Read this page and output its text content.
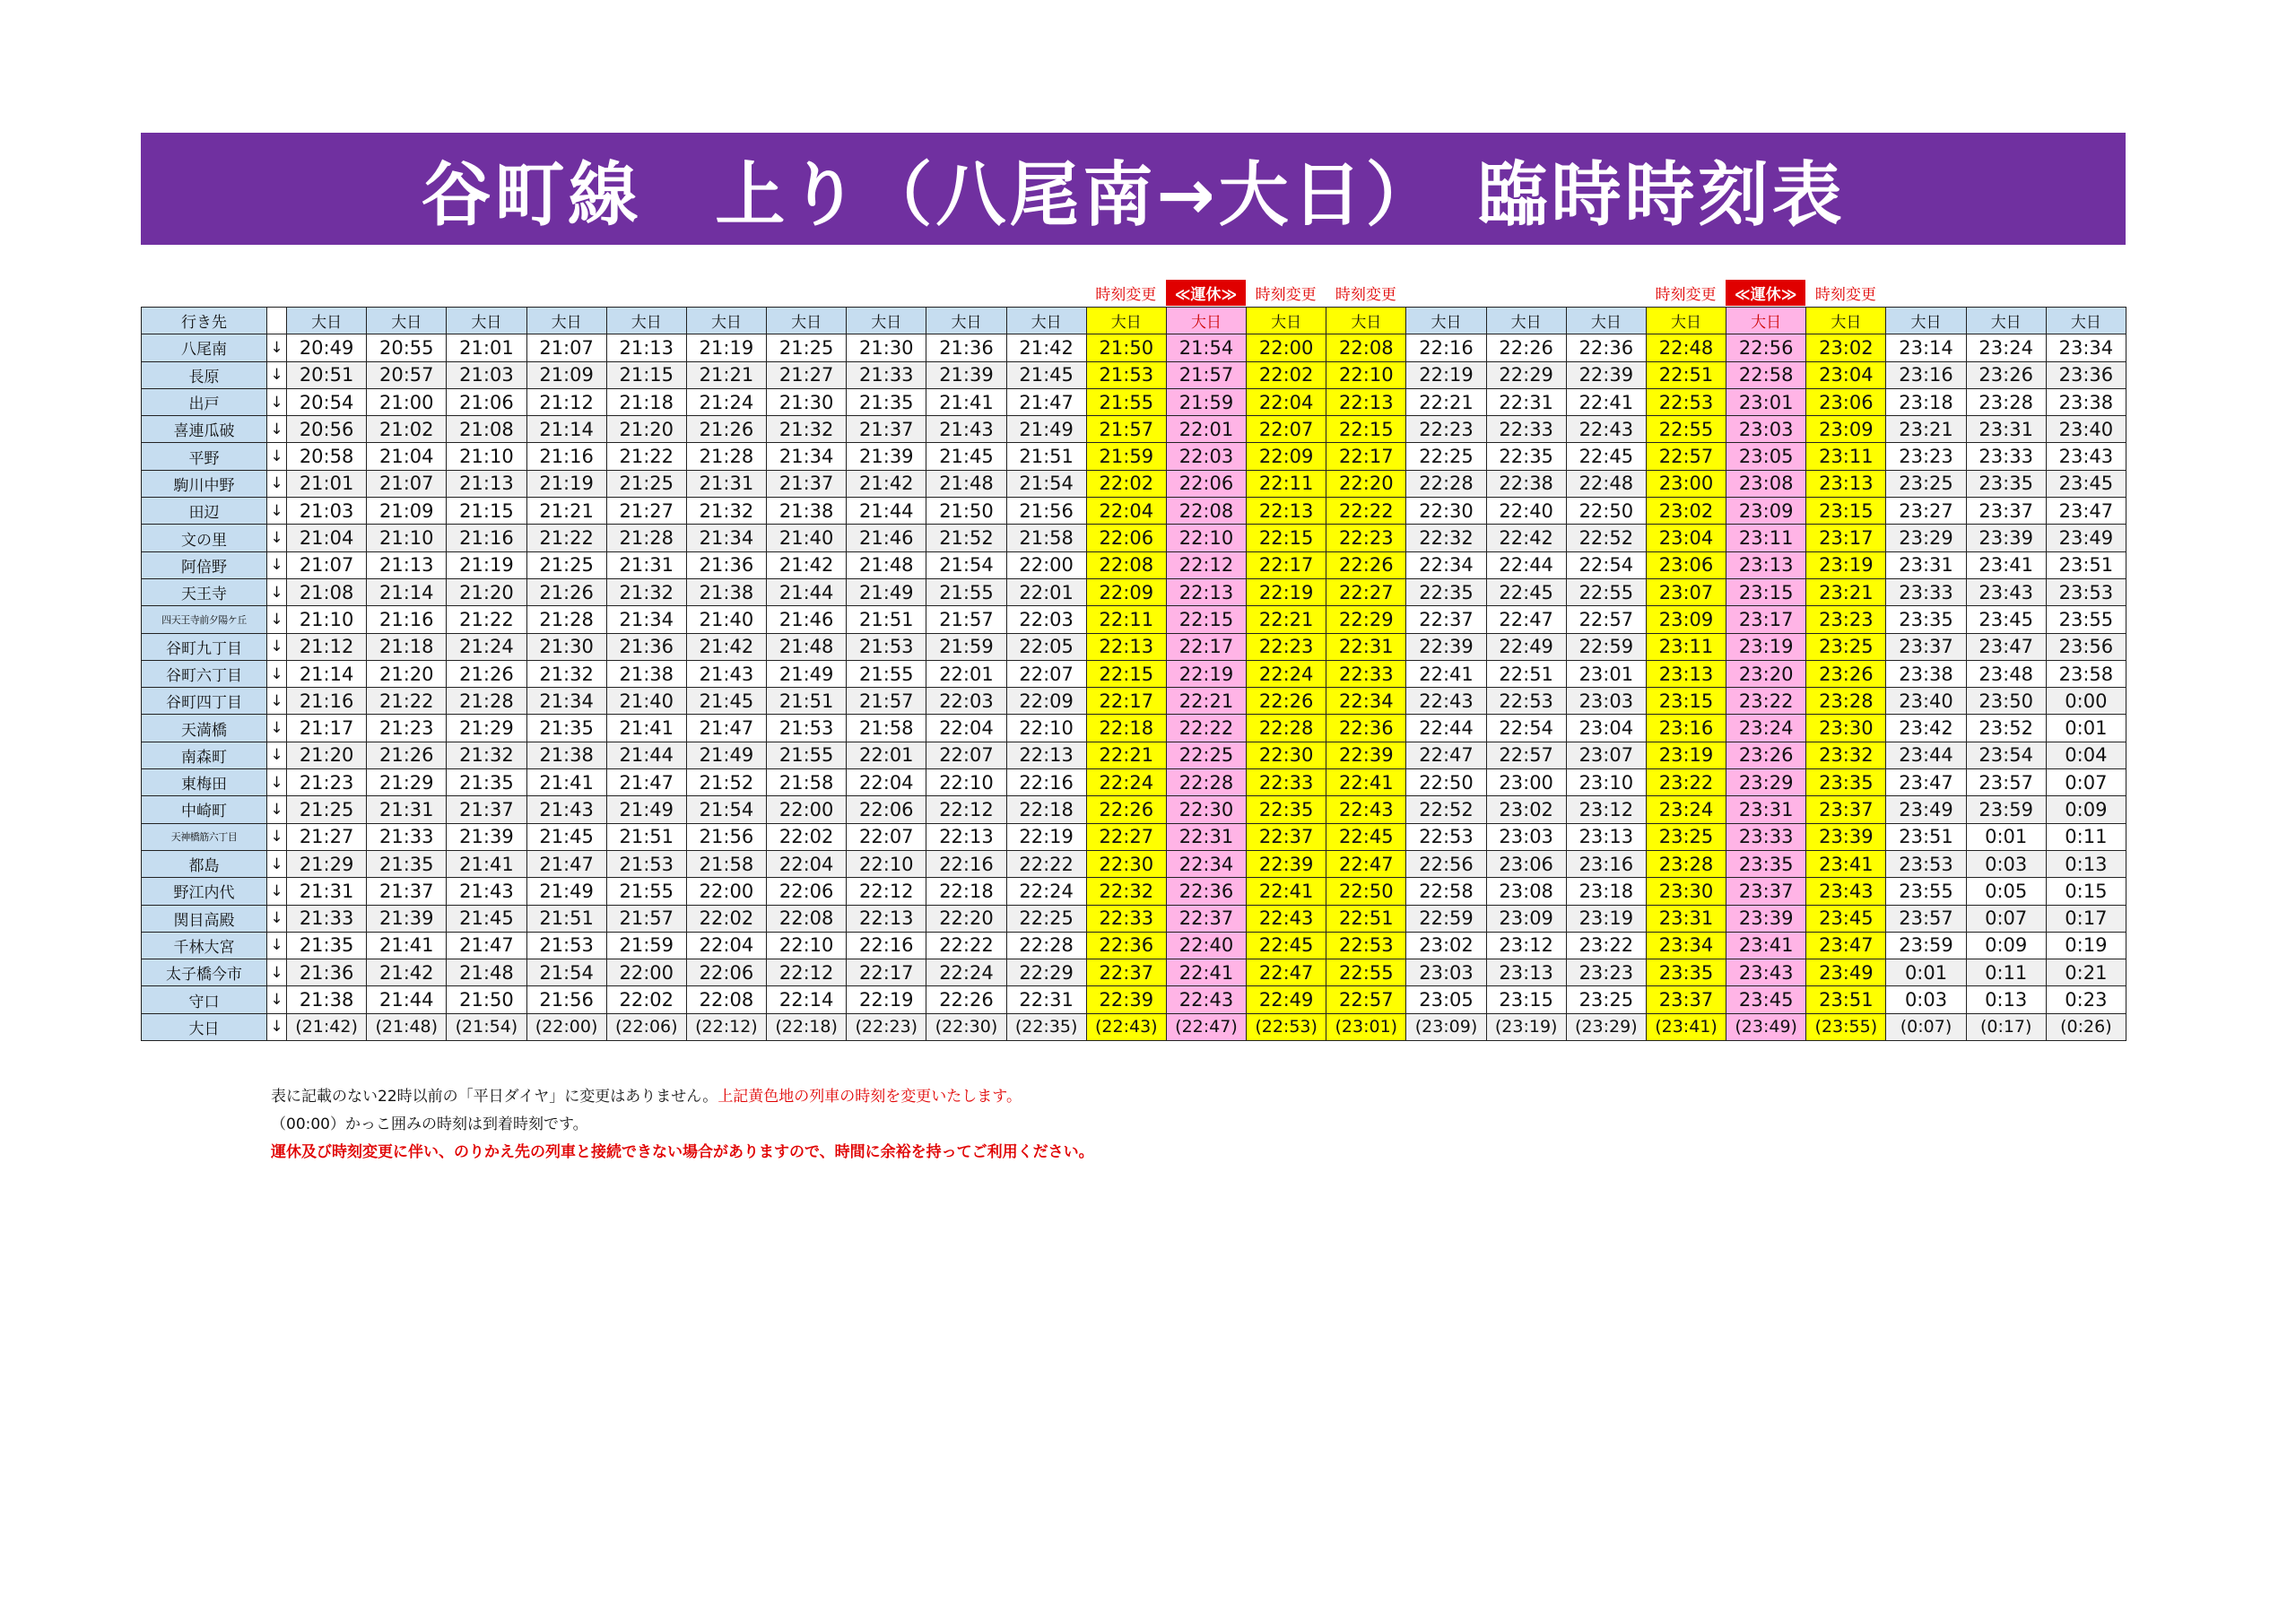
谷町線　上り（八尾南→大日）　臨時時刻表
時刻変更	≪運休≫	時刻変更	時刻変更	時刻変更	≪運休≫	時刻変更
行き先		大日	大日	大日	大日	大日	大日	大日	大日	大日	大日	大日	大日	大日	大日	大日	大日	大日	大日	大日	大日	大日	大日	大日
八尾南	↓	20:49	20:55	21:01	21:07	21:13	21:19	21:25	21:30	21:36	21:42	21:50	21:54	22:00	22:08	22:16	22:26	22:36	22:48	22:56	23:02	23:14	23:24	23:34
長原	↓	20:51	20:57	21:03	21:09	21:15	21:21	21:27	21:33	21:39	21:45	21:53	21:57	22:02	22:10	22:19	22:29	22:39	22:51	22:58	23:04	23:16	23:26	23:36
出戸	↓	20:54	21:00	21:06	21:12	21:18	21:24	21:30	21:35	21:41	21:47	21:55	21:59	22:04	22:13	22:21	22:31	22:41	22:53	23:01	23:06	23:18	23:28	23:38
喜連瓜破	↓	20:56	21:02	21:08	21:14	21:20	21:26	21:32	21:37	21:43	21:49	21:57	22:01	22:07	22:15	22:23	22:33	22:43	22:55	23:03	23:09	23:21	23:31	23:40
平野	↓	20:58	21:04	21:10	21:16	21:22	21:28	21:34	21:39	21:45	21:51	21:59	22:03	22:09	22:17	22:25	22:35	22:45	22:57	23:05	23:11	23:23	23:33	23:43
駒川中野	↓	21:01	21:07	21:13	21:19	21:25	21:31	21:37	21:42	21:48	21:54	22:02	22:06	22:11	22:20	22:28	22:38	22:48	23:00	23:08	23:13	23:25	23:35	23:45
田辺	↓	21:03	21:09	21:15	21:21	21:27	21:32	21:38	21:44	21:50	21:56	22:04	22:08	22:13	22:22	22:30	22:40	22:50	23:02	23:09	23:15	23:27	23:37	23:47
文の里	↓	21:04	21:10	21:16	21:22	21:28	21:34	21:40	21:46	21:52	21:58	22:06	22:10	22:15	22:23	22:32	22:42	22:52	23:04	23:11	23:17	23:29	23:39	23:49
阿倍野	↓	21:07	21:13	21:19	21:25	21:31	21:36	21:42	21:48	21:54	22:00	22:08	22:12	22:17	22:26	22:34	22:44	22:54	23:06	23:13	23:19	23:31	23:41	23:51
天王寺	↓	21:08	21:14	21:20	21:26	21:32	21:38	21:44	21:49	21:55	22:01	22:09	22:13	22:19	22:27	22:35	22:45	22:55	23:07	23:15	23:21	23:33	23:43	23:53
四天王寺前夕陽ケ丘	↓	21:10	21:16	21:22	21:28	21:34	21:40	21:46	21:51	21:57	22:03	22:11	22:15	22:21	22:29	22:37	22:47	22:57	23:09	23:17	23:23	23:35	23:45	23:55
谷町九丁目	↓	21:12	21:18	21:24	21:30	21:36	21:42	21:48	21:53	21:59	22:05	22:13	22:17	22:23	22:31	22:39	22:49	22:59	23:11	23:19	23:25	23:37	23:47	23:56
谷町六丁目	↓	21:14	21:20	21:26	21:32	21:38	21:43	21:49	21:55	22:01	22:07	22:15	22:19	22:24	22:33	22:41	22:51	23:01	23:13	23:20	23:26	23:38	23:48	23:58
谷町四丁目	↓	21:16	21:22	21:28	21:34	21:40	21:45	21:51	21:57	22:03	22:09	22:17	22:21	22:26	22:34	22:43	22:53	23:03	23:15	23:22	23:28	23:40	23:50	0:00
天満橋	↓	21:17	21:23	21:29	21:35	21:41	21:47	21:53	21:58	22:04	22:10	22:18	22:22	22:28	22:36	22:44	22:54	23:04	23:16	23:24	23:30	23:42	23:52	0:01
南森町	↓	21:20	21:26	21:32	21:38	21:44	21:49	21:55	22:01	22:07	22:13	22:21	22:25	22:30	22:39	22:47	22:57	23:07	23:19	23:26	23:32	23:44	23:54	0:04
東梅田	↓	21:23	21:29	21:35	21:41	21:47	21:52	21:58	22:04	22:10	22:16	22:24	22:28	22:33	22:41	22:50	23:00	23:10	23:22	23:29	23:35	23:47	23:57	0:07
中崎町	↓	21:25	21:31	21:37	21:43	21:49	21:54	22:00	22:06	22:12	22:18	22:26	22:30	22:35	22:43	22:52	23:02	23:12	23:24	23:31	23:37	23:49	23:59	0:09
天神橋筋六丁目	↓	21:27	21:33	21:39	21:45	21:51	21:56	22:02	22:07	22:13	22:19	22:27	22:31	22:37	22:45	22:53	23:03	23:13	23:25	23:33	23:39	23:51	0:01	0:11
都島	↓	21:29	21:35	21:41	21:47	21:53	21:58	22:04	22:10	22:16	22:22	22:30	22:34	22:39	22:47	22:56	23:06	23:16	23:28	23:35	23:41	23:53	0:03	0:13
野江内代	↓	21:31	21:37	21:43	21:49	21:55	22:00	22:06	22:12	22:18	22:24	22:32	22:36	22:41	22:50	22:58	23:08	23:18	23:30	23:37	23:43	23:55	0:05	0:15
関目高殿	↓	21:33	21:39	21:45	21:51	21:57	22:02	22:08	22:13	22:20	22:25	22:33	22:37	22:43	22:51	22:59	23:09	23:19	23:31	23:39	23:45	23:57	0:07	0:17
千林大宮	↓	21:35	21:41	21:47	21:53	21:59	22:04	22:10	22:16	22:22	22:28	22:36	22:40	22:45	22:53	23:02	23:12	23:22	23:34	23:41	23:47	23:59	0:09	0:19
太子橋今市	↓	21:36	21:42	21:48	21:54	22:00	22:06	22:12	22:17	22:24	22:29	22:37	22:41	22:47	22:55	23:03	23:13	23:23	23:35	23:43	23:49	0:01	0:11	0:21
守口	↓	21:38	21:44	21:50	21:56	22:02	22:08	22:14	22:19	22:26	22:31	22:39	22:43	22:49	22:57	23:05	23:15	23:25	23:37	23:45	23:51	0:03	0:13	0:23
大日	↓	(21:42)	(21:48)	(21:54)	(22:00)	(22:06)	(22:12)	(22:18)	(22:23)	(22:30)	(22:35)	(22:43)	(22:47)	(22:53)	(23:01)	(23:09)	(23:19)	(23:29)	(23:41)	(23:49)	(23:55)	(0:07)	(0:17)	(0:26)
表に記載のない22時以前の「平日ダイヤ」に変更はありません。上記黄色地の列車の時刻を変更いたします。
（00:00）かっこ囲みの時刻は到着時刻です。
運休及び時刻変更に伴い、のりかえ先の列車と接続できない場合がありますので、時間に余裕を持ってご利用ください。
